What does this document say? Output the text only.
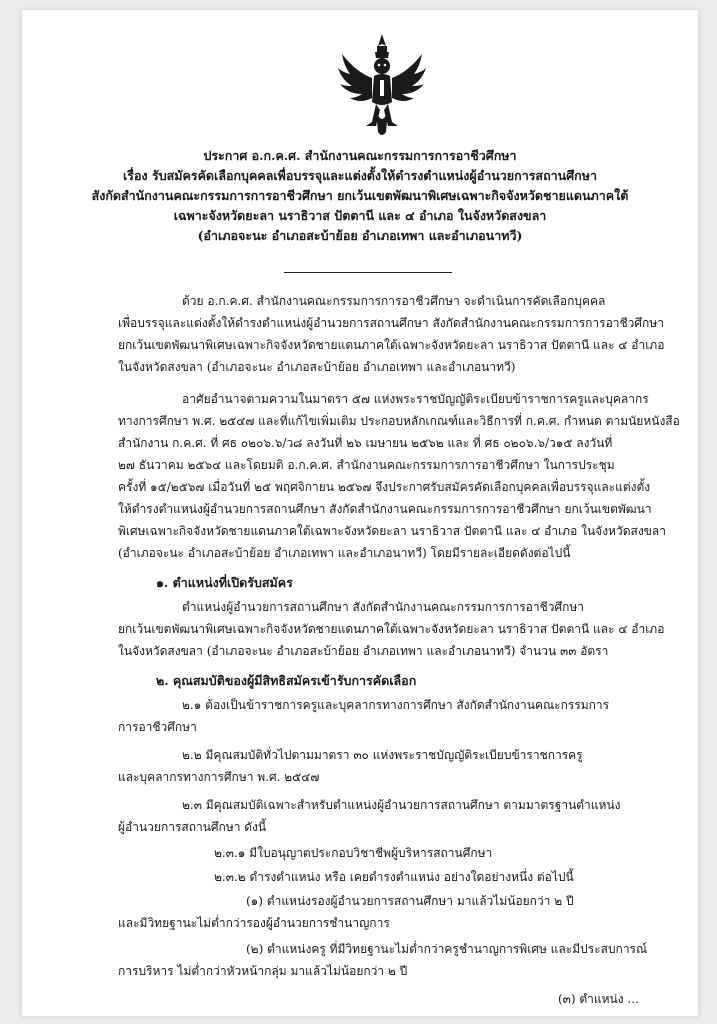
ประกาศ อ.ก.ค.ศ. สำนักงานคณะกรรมการการอาชีวศึกษา
เรื่อง รับสมัครคัดเลือกบุคคลเพื่อบรรจุและแต่งตั้งให้ดำรงตำแหน่งผู้อำนวยการสถานศึกษา
สังกัดสำนักงานคณะกรรมการการอาชีวศึกษา ยกเว้นเขตพัฒนาพิเศษเฉพาะกิจจังหวัดชายแดนภาคใต้
เฉพาะจังหวัดยะลา นราธิวาส ปัตตานี และ ๔ อำเภอ ในจังหวัดสงขลา
(อำเภอจะนะ อำเภอสะบ้าย้อย อำเภอเทพา และอำเภอนาทวี)
ด้วย อ.ก.ค.ศ. สำนักงานคณะกรรมการการอาชีวศึกษา จะดำเนินการคัดเลือกบุคคล
เพื่อบรรจุและแต่งตั้งให้ดำรงตำแหน่งผู้อำนวยการสถานศึกษา สังกัดสำนักงานคณะกรรมการการอาชีวศึกษา
ยกเว้นเขตพัฒนาพิเศษเฉพาะกิจจังหวัดชายแดนภาคใต้เฉพาะจังหวัดยะลา นราธิวาส ปัตตานี และ ๔ อำเภอ
ในจังหวัดสงขลา (อำเภอจะนะ อำเภอสะบ้าย้อย อำเภอเทพา และอำเภอนาทวี)
อาศัยอำนาจตามความในมาตรา ๕๗ แห่งพระราชบัญญัติระเบียบข้าราชการครูและบุคลากร
ทางการศึกษา พ.ศ. ๒๕๔๗ และที่แก้ไขเพิ่มเติม ประกอบหลักเกณฑ์และวิธีการที่ ก.ค.ศ. กำหนด ตามนัยหนังสือ
สำนักงาน ก.ค.ศ. ที่ ศธ ๐๒๐๖.๖/ว๘ ลงวันที่ ๒๖ เมษายน ๒๕๖๒ และ ที่ ศธ ๐๒๐๖.๖/ว๑๕ ลงวันที่
๒๗ ธันวาคม ๒๕๖๔ และโดยมติ อ.ก.ค.ศ. สำนักงานคณะกรรมการการอาชีวศึกษา ในการประชุม
ครั้งที่ ๑๕/๒๕๖๗ เมื่อวันที่ ๒๕ พฤศจิกายน ๒๕๖๗ จึงประกาศรับสมัครคัดเลือกบุคคลเพื่อบรรจุและแต่งตั้ง
ให้ดำรงตำแหน่งผู้อำนวยการสถานศึกษา สังกัดสำนักงานคณะกรรมการการอาชีวศึกษา ยกเว้นเขตพัฒนา
พิเศษเฉพาะกิจจังหวัดชายแดนภาคใต้เฉพาะจังหวัดยะลา นราธิวาส ปัตตานี และ ๔ อำเภอ ในจังหวัดสงขลา
(อำเภอจะนะ อำเภอสะบ้าย้อย อำเภอเทพา และอำเภอนาทวี) โดยมีรายละเอียดดังต่อไปนี้
๑. ตำแหน่งที่เปิดรับสมัคร
ตำแหน่งผู้อำนวยการสถานศึกษา สังกัดสำนักงานคณะกรรมการการอาชีวศึกษา
ยกเว้นเขตพัฒนาพิเศษเฉพาะกิจจังหวัดชายแดนภาคใต้เฉพาะจังหวัดยะลา นราธิวาส ปัตตานี และ ๔ อำเภอ
ในจังหวัดสงขลา (อำเภอจะนะ อำเภอสะบ้าย้อย อำเภอเทพา และอำเภอนาทวี) จำนวน ๓๓ อัตรา
๒. คุณสมบัติของผู้มีสิทธิสมัครเข้ารับการคัดเลือก
๒.๑ ต้องเป็นข้าราชการครูและบุคลากรทางการศึกษา สังกัดสำนักงานคณะกรรมการ
การอาชีวศึกษา
๒.๒ มีคุณสมบัติทั่วไปตามมาตรา ๓๐ แห่งพระราชบัญญัติระเบียบข้าราชการครู
และบุคลากรทางการศึกษา พ.ศ. ๒๕๔๗
๒.๓ มีคุณสมบัติเฉพาะสำหรับตำแหน่งผู้อำนวยการสถานศึกษา ตามมาตรฐานตำแหน่ง
ผู้อำนวยการสถานศึกษา ดังนี้
๒.๓.๑ มีใบอนุญาตประกอบวิชาชีพผู้บริหารสถานศึกษา
๒.๓.๒ ดำรงตำแหน่ง หรือ เคยดำรงตำแหน่ง อย่างใดอย่างหนึ่ง ต่อไปนี้
(๑) ตำแหน่งรองผู้อำนวยการสถานศึกษา มาแล้วไม่น้อยกว่า ๒ ปี
และมีวิทยฐานะไม่ต่ำกว่ารองผู้อำนวยการชำนาญการ
(๒) ตำแหน่งครู ที่มีวิทยฐานะไม่ต่ำกว่าครูชำนาญการพิเศษ และมีประสบการณ์
การบริหาร ไม่ต่ำกว่าหัวหน้ากลุ่ม มาแล้วไม่น้อยกว่า ๒ ปี
(๓) ตำแหน่ง ...
